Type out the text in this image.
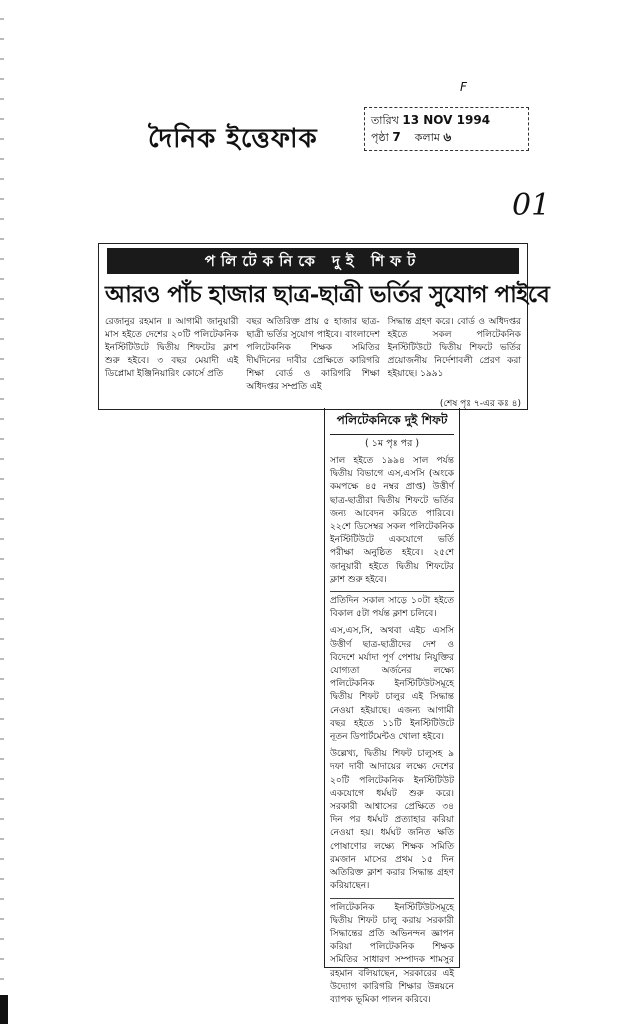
F
দৈনিক ইত্তেফাক
তারিখ 13 NOV 1994
পৃষ্ঠা 7 কলাম ৬
01
পলিটেকনিকে দুই শিফট
আরও পাঁচ হাজার ছাত্র-ছাত্রী ভর্তির সুযোগ পাইবে
রেজানুর রহমান ॥ আগামী জানুয়ারী মাস হইতে দেশের ২০টি পলিটেকনিক ইনস্টিটিউটে দ্বিতীয় শিফটের ক্লাশ শুরু হইবে। ৩ বছর মেয়াদী এই ডিপ্লোমা ইঞ্জিনিয়ারিং কোর্সে প্রতি
বছর অতিরিক্ত প্রায় ৫ হাজার ছাত্র-ছাত্রী ভর্তির সুযোগ পাইবে। বাংলাদেশ পলিটেকনিক শিক্ষক সমিতির দীর্ঘদিনের দাবীর প্রেক্ষিতে কারিগরি শিক্ষা বোর্ড ও কারিগরি শিক্ষা অধিদপ্তর সম্প্রতি এই
সিদ্ধান্ত গ্রহণ করে। বোর্ড ও অধিদপ্তর হইতে সকল পলিটেকনিক ইনস্টিটিউটে দ্বিতীয় শিফটে ভর্তির প্রয়োজনীয় নির্দেশাবলী প্রেরণ করা হইয়াছে। ১৯৯১
(শেষ পৃঃ ৭-এর কঃ ৪)
পলিটেকনিকে দুই শিফট
( ১ম পৃঃ পর )

সাল হইতে ১৯৯৪ সাল পর্যন্ত দ্বিতীয় বিভাগে এস,এসসি (অংকে কমপক্ষে ৪৫ নম্বর প্রাপ্ত) উত্তীর্ণ ছাত্র-ছাত্রীরা দ্বিতীয় শিফটে ভর্তির জন্য আবেদন করিতে পারিবে। ২২শে ডিসেম্বর সকল পলিটেকনিক ইনস্টিটিউটে একযোগে ভর্তি পরীক্ষা অনুষ্ঠিত হইবে। ২৫শে জানুয়ারী হইতে দ্বিতীয় শিফটের ক্লাশ শুরু হইবে।

প্রতিদিন সকাল সাড়ে ১০টা হইতে বিকাল ৫টা পর্যন্ত ক্লাশ চলিবে।

এস,এস,সি, অথবা এইচ এসসি উত্তীর্ণ ছাত্র-ছাত্রীদের দেশ ও বিদেশে মর্যাদা পূর্ণ পেশায় নিযুক্তির যোগ্যতা অর্জনের লক্ষ্যে পলিটেকনিক ইনস্টিটিউটসমূহে দ্বিতীয় শিফট চালুর এই সিদ্ধান্ত নেওয়া হইয়াছে। এজন্য আগামী বছর হইতে ১১টি ইনস্টিটিউটে নূতন ডিপার্টমেন্টও খোলা হইবে।

উল্লেখ্য, দ্বিতীয় শিফট চালুসহ ৯ দফা দাবী আদায়ের লক্ষ্যে দেশের ২০টি পলিটেকনিক ইনস্টিটিউট একযোগে ধর্মঘট শুরু করে। সরকারী আশ্বাসের প্রেক্ষিতে ৩৪ দিন পর ধর্মঘট প্রত্যাহার করিয়া নেওয়া হয়। ধর্মঘট জনিত ক্ষতি পোষাণোর লক্ষ্যে শিক্ষক সমিতি রমজান মাসের প্রথম ১৫ দিন অতিরিক্ত ক্লাশ করার সিদ্ধান্ত গ্রহণ করিয়াছেন।

পলিটেকনিক ইনস্টিটিউটসমূহে দ্বিতীয় শিফট চালু করায় সরকারী সিদ্ধান্তের প্রতি অভিনন্দন জ্ঞাপন করিয়া পলিটেকনিক শিক্ষক সমিতির সাধারণ সম্পাদক শামসুর রহমান বলিয়াছেন, সরকারের এই উদ্যোগ কারিগরি শিক্ষার উন্নয়নে ব্যাপক ভূমিকা পালন করিবে।
